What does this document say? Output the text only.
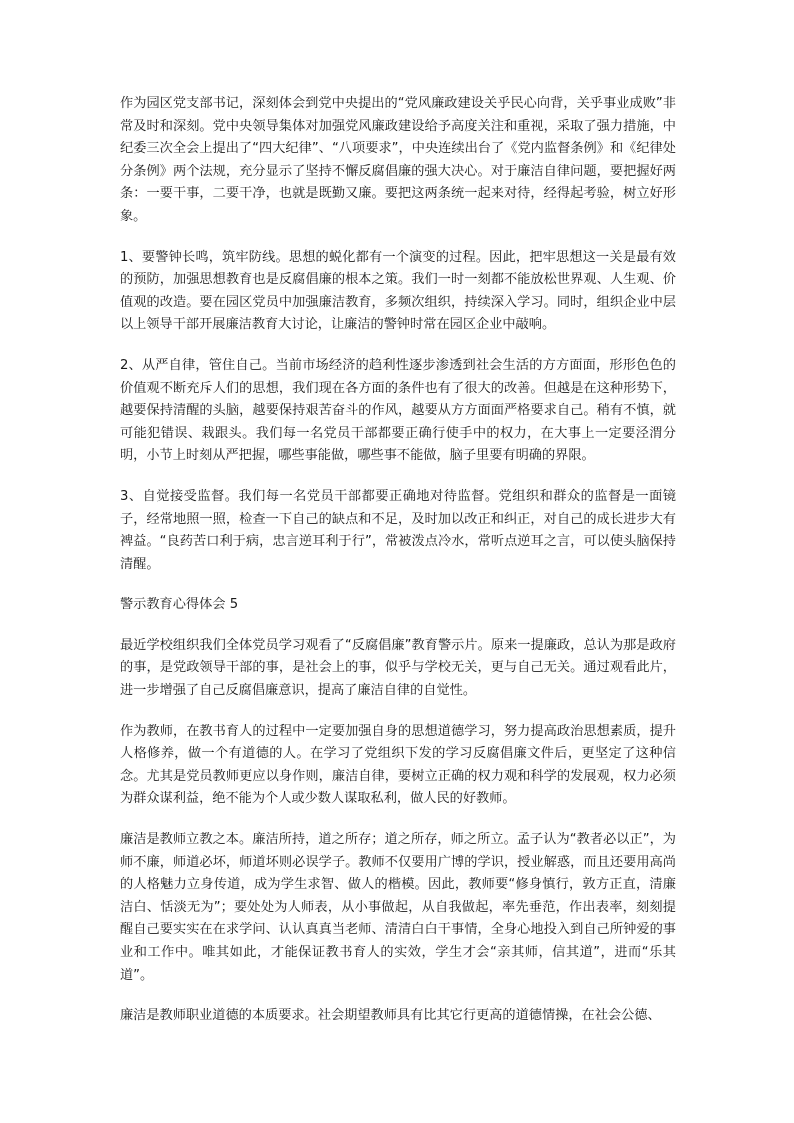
作为园区党支部书记，深刻体会到党中央提出的“党风廉政建设关乎民心向背，关乎事业成败”非常及时和深刻。党中央领导集体对加强党风廉政建设给予高度关注和重视，采取了强力措施，中纪委三次全会上提出了“四大纪律”、“八项要求”，中央连续出台了《党内监督条例》和《纪律处分条例》两个法规，充分显示了坚持不懈反腐倡廉的强大决心。对于廉洁自律问题，要把握好两条：一要干事，二要干净，也就是既勤又廉。要把这两条统一起来对待，经得起考验，树立好形象。

1、要警钟长鸣，筑牢防线。思想的蜕化都有一个演变的过程。因此，把牢思想这一关是最有效的预防，加强思想教育也是反腐倡廉的根本之策。我们一时一刻都不能放松世界观、人生观、价值观的改造。要在园区党员中加强廉洁教育，多频次组织，持续深入学习。同时，组织企业中层以上领导干部开展廉洁教育大讨论，让廉洁的警钟时常在园区企业中敲响。

2、从严自律，管住自己。当前市场经济的趋利性逐步渗透到社会生活的方方面面，形形色色的价值观不断充斥人们的思想，我们现在各方面的条件也有了很大的改善。但越是在这种形势下，越要保持清醒的头脑，越要保持艰苦奋斗的作风，越要从方方面面严格要求自己。稍有不慎，就可能犯错误、栽跟头。我们每一名党员干部都要正确行使手中的权力，在大事上一定要泾渭分明，小节上时刻从严把握，哪些事能做，哪些事不能做，脑子里要有明确的界限。

3、自觉接受监督。我们每一名党员干部都要正确地对待监督。党组织和群众的监督是一面镜子，经常地照一照，检查一下自己的缺点和不足，及时加以改正和纠正，对自己的成长进步大有裨益。“良药苦口利于病，忠言逆耳利于行”，常被泼点冷水，常听点逆耳之言，可以使头脑保持清醒。

警示教育心得体会 5

最近学校组织我们全体党员学习观看了“反腐倡廉”教育警示片。原来一提廉政，总认为那是政府的事，是党政领导干部的事，是社会上的事，似乎与学校无关，更与自己无关。通过观看此片，进一步增强了自己反腐倡廉意识，提高了廉洁自律的自觉性。

作为教师，在教书育人的过程中一定要加强自身的思想道德学习，努力提高政治思想素质，提升人格修养，做一个有道德的人。在学习了党组织下发的学习反腐倡廉文件后，更坚定了这种信念。尤其是党员教师更应以身作则，廉洁自律，要树立正确的权力观和科学的发展观，权力必须为群众谋利益，绝不能为个人或少数人谋取私利，做人民的好教师。

廉洁是教师立教之本。廉洁所持，道之所存；道之所存，师之所立。孟子认为“教者必以正”，为师不廉，师道必坏，师道坏则必误学子。教师不仅要用广博的学识，授业解惑，而且还要用高尚的人格魅力立身传道，成为学生求智、做人的楷模。因此，教师要“修身慎行，敦方正直，清廉洁白、恬淡无为”；要处处为人师表，从小事做起，从自我做起，率先垂范，作出表率，刻刻提醒自己要实实在在求学问、认认真真当老师、清清白白干事情，全身心地投入到自己所钟爱的事业和工作中。唯其如此，才能保证教书育人的实效，学生才会“亲其师，信其道”，进而“乐其道”。

廉洁是教师职业道德的本质要求。社会期望教师具有比其它行更高的道德情操，在社会公德、
